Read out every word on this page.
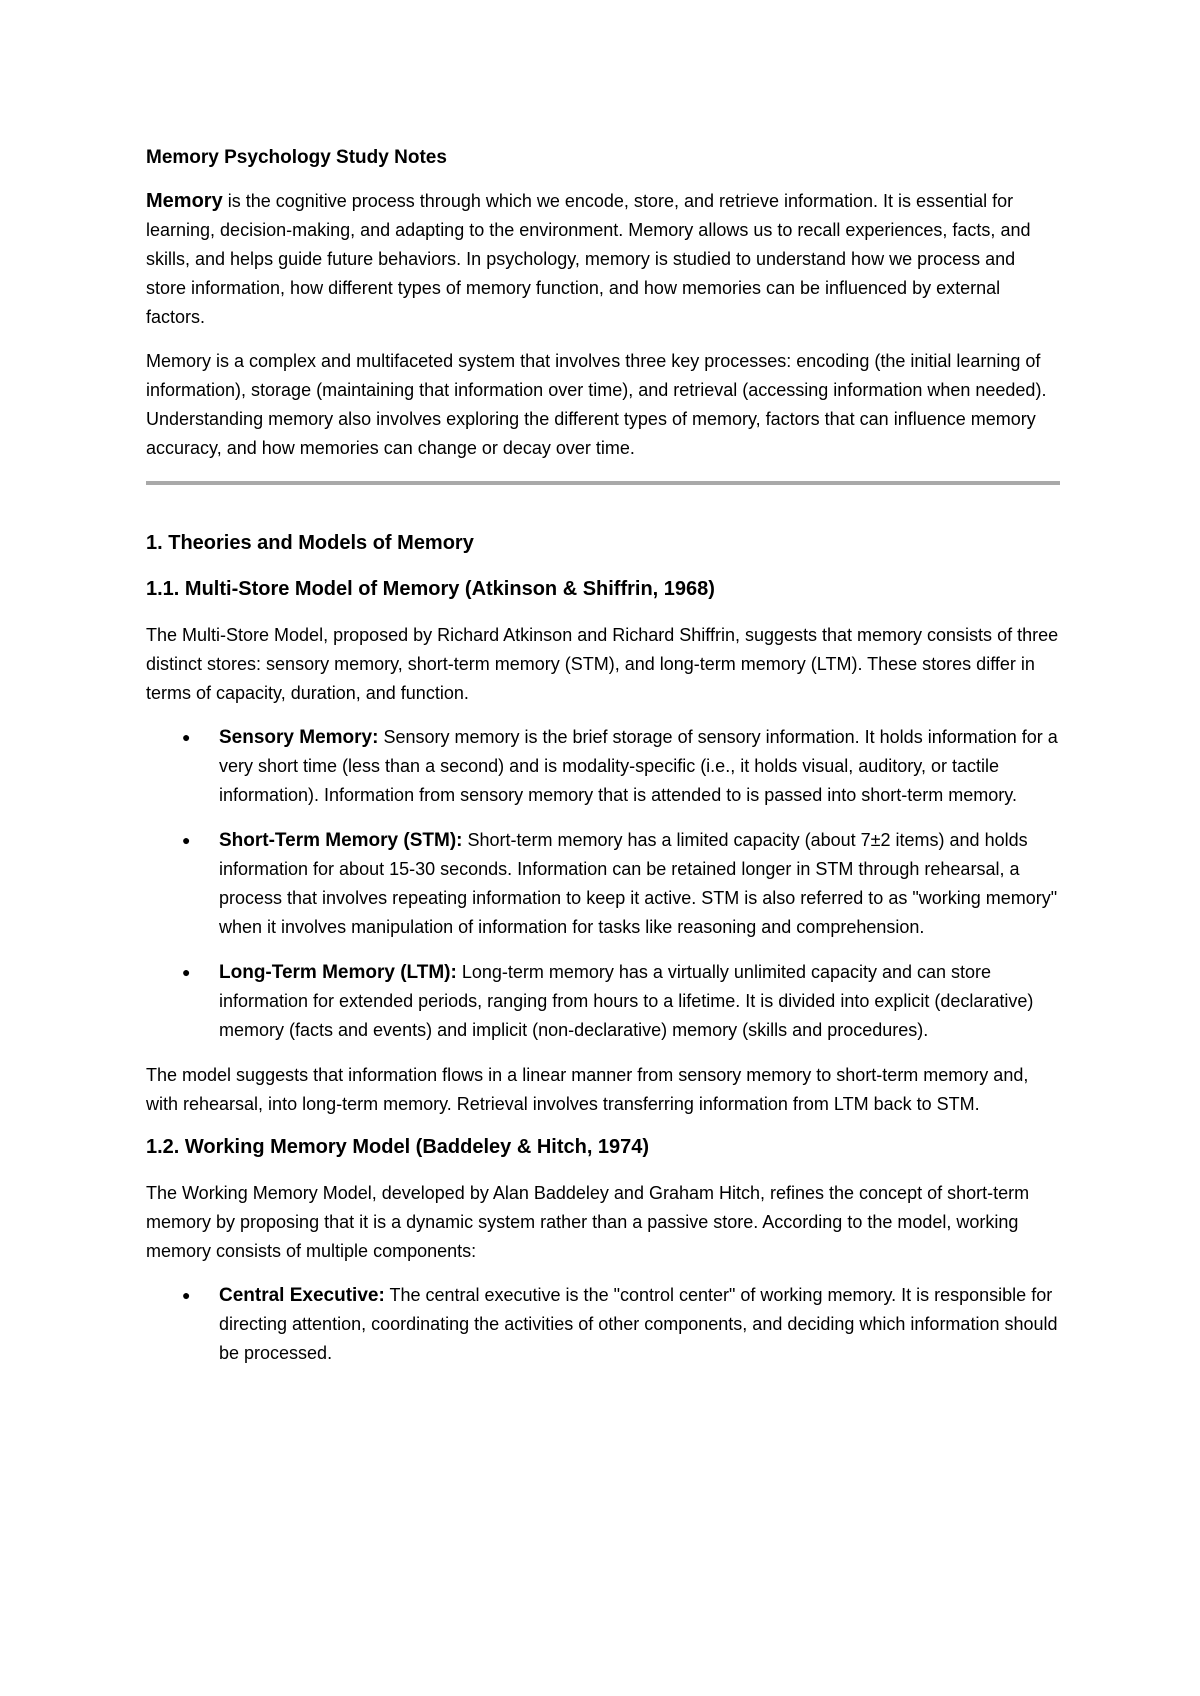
Memory Psychology Study Notes

Memory is the cognitive process through which we encode, store, and retrieve information. It is essential for learning, decision-making, and adapting to the environment. Memory allows us to recall experiences, facts, and skills, and helps guide future behaviors. In psychology, memory is studied to understand how we process and store information, how different types of memory function, and how memories can be influenced by external factors.

Memory is a complex and multifaceted system that involves three key processes: encoding (the initial learning of information), storage (maintaining that information over time), and retrieval (accessing information when needed). Understanding memory also involves exploring the different types of memory, factors that can influence memory accuracy, and how memories can change or decay over time.

1. Theories and Models of Memory
1.1. Multi-Store Model of Memory (Atkinson & Shiffrin, 1968)

The Multi-Store Model, proposed by Richard Atkinson and Richard Shiffrin, suggests that memory consists of three distinct stores: sensory memory, short-term memory (STM), and long-term memory (LTM). These stores differ in terms of capacity, duration, and function.

● Sensory Memory: Sensory memory is the brief storage of sensory information. It holds information for a very short time (less than a second) and is modality-specific (i.e., it holds visual, auditory, or tactile information). Information from sensory memory that is attended to is passed into short-term memory.
● Short-Term Memory (STM): Short-term memory has a limited capacity (about 7±2 items) and holds information for about 15-30 seconds. Information can be retained longer in STM through rehearsal, a process that involves repeating information to keep it active. STM is also referred to as "working memory" when it involves manipulation of information for tasks like reasoning and comprehension.
● Long-Term Memory (LTM): Long-term memory has a virtually unlimited capacity and can store information for extended periods, ranging from hours to a lifetime. It is divided into explicit (declarative) memory (facts and events) and implicit (non-declarative) memory (skills and procedures).

The model suggests that information flows in a linear manner from sensory memory to short-term memory and, with rehearsal, into long-term memory. Retrieval involves transferring information from LTM back to STM.

1.2. Working Memory Model (Baddeley & Hitch, 1974)

The Working Memory Model, developed by Alan Baddeley and Graham Hitch, refines the concept of short-term memory by proposing that it is a dynamic system rather than a passive store. According to the model, working memory consists of multiple components:

● Central Executive: The central executive is the "control center" of working memory. It is responsible for directing attention, coordinating the activities of other components, and deciding which information should be processed.
